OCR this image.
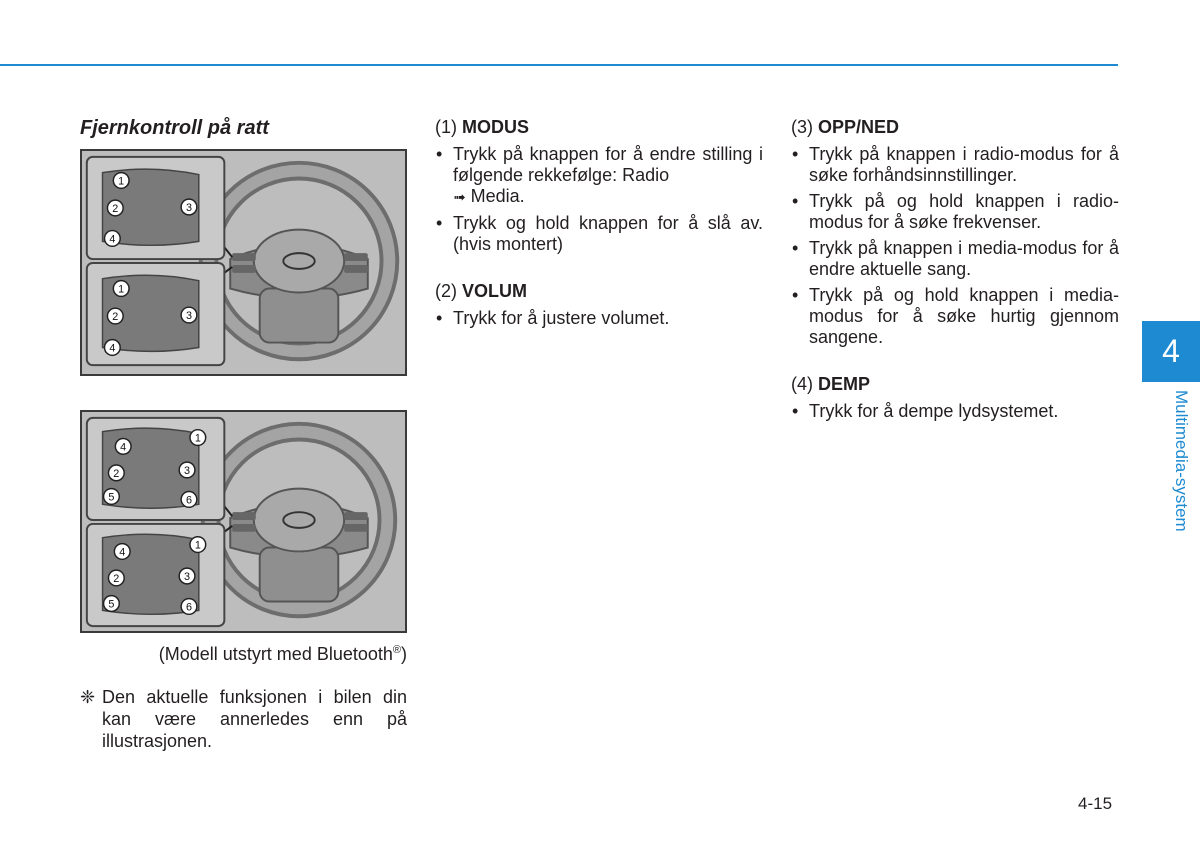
Fjernkontroll på ratt
1
2	3
4
1
2	3
4
1
2	3
4
5	6
1
2	3
4
5	6
(Modell utstyrt med Bluetooth®)
❈ Den aktuelle funksjonen i bilen din kan være annerledes enn på illustrasjonen.

(1) MODUS

• Trykk på knappen for å endre stilling i følgende rekkefølge: Radio
➟ Media.
• Trykk og hold knappen for å slå av. (hvis montert)

(2) VOLUM

• Trykk for å justere volumet.

(3) OPP/NED

• Trykk på knappen i radio-modus for å søke forhåndsinnstillinger.
• Trykk på og hold knappen i radio-modus for å søke frekvenser.
• Trykk på knappen i media-modus for å endre aktuelle sang.
• Trykk på og hold knappen i media-modus for å søke hurtig gjennom sangene.

(4) DEMP

• Trykk for å dempe lydsystemet.
4
Multimedia-system
4-15
